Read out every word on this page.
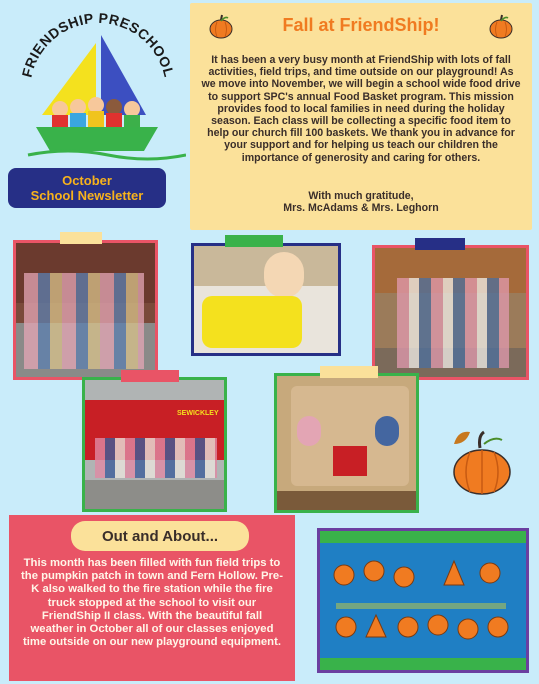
FRIENDSHIP PRESCHOOL
October
School Newsletter
Fall at FriendShip!

It has been a very busy month at FriendShip with lots of fall activities, field trips, and time outside on our playground! As we move into November, we will begin a school wide food drive to support SPC's annual Food Basket program. This mission provides food to local families in need during the holiday season. Each class will be collecting a specific food item to help our church fill 100 baskets. We thank you in advance for your support and for helping us teach our children the importance of generosity and caring for others.

With much gratitude,
Mrs. McAdams & Mrs. Leghorn

SEWICKLEY

This month has been filled with fun field trips to the pumpkin patch in town and Fern Hollow. Pre-K also walked to the fire station while the fire truck stopped at the school to visit our FriendShip II class. With the beautiful fall weather in October all of our classes enjoyed time outside on our new playground equipment.

Out and About...
